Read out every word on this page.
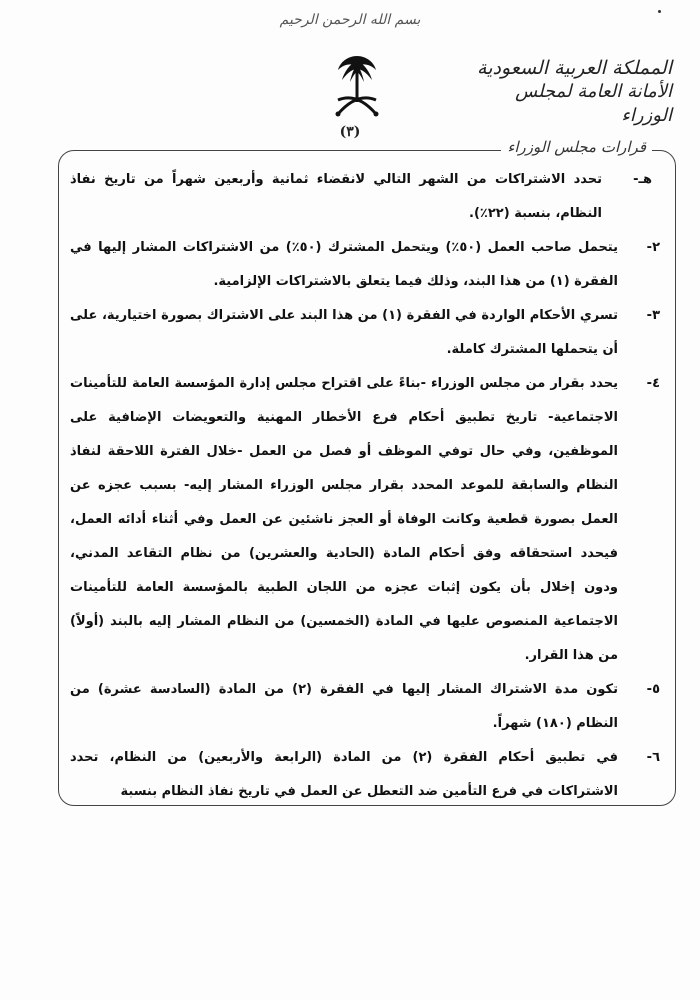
بسم الله الرحمن الرحيم
(٣)
المملكة العربية السعودية
الأمانة العامة لمجلس الوزراء
قرارات مجلس الوزراء
هـ-
تحدد الاشتراكات من الشهر التالي لانقضاء ثمانية وأربعين شهراً من تاريخ نفاذ النظام، بنسبة (٢٢٪).
٢-
يتحمل صاحب العمل (٥٠٪) ويتحمل المشترك (٥٠٪) من الاشتراكات المشار إليها في الفقرة (١) من هذا البند، وذلك فيما يتعلق بالاشتراكات الإلزامية.
٣-
تسري الأحكام الواردة في الفقرة (١) من هذا البند على الاشتراك بصورة اختيارية، على أن يتحملها المشترك كاملة.
٤-
يحدد بقرار من مجلس الوزراء -بناءً على اقتراح مجلس إدارة المؤسسة العامة للتأمينات الاجتماعية- تاريخ تطبيق أحكام فرع الأخطار المهنية والتعويضات الإضافية على الموظفين، وفي حال توفي الموظف أو فصل من العمل -خلال الفترة اللاحقة لنفاذ النظام والسابقة للموعد المحدد بقرار مجلس الوزراء المشار إليه- بسبب عجزه عن العمل بصورة قطعية وكانت الوفاة أو العجز ناشئين عن العمل وفي أثناء أدائه العمل، فيحدد استحقاقه وفق أحكام المادة (الحادية والعشرين) من نظام التقاعد المدني، ودون إخلال بأن يكون إثبات عجزه من اللجان الطبية بالمؤسسة العامة للتأمينات الاجتماعية المنصوص عليها في المادة (الخمسين) من النظام المشار إليه بالبند (أولاً) من هذا القرار.
٥-
تكون مدة الاشتراك المشار إليها في الفقرة (٢) من المادة (السادسة عشرة) من النظام (١٨٠) شهراً.
٦-
في تطبيق أحكام الفقرة (٢) من المادة (الرابعة والأربعين) من النظام، تحدد الاشتراكات في فرع التأمين ضد التعطل عن العمل في تاريخ نفاذ النظام بنسبة
